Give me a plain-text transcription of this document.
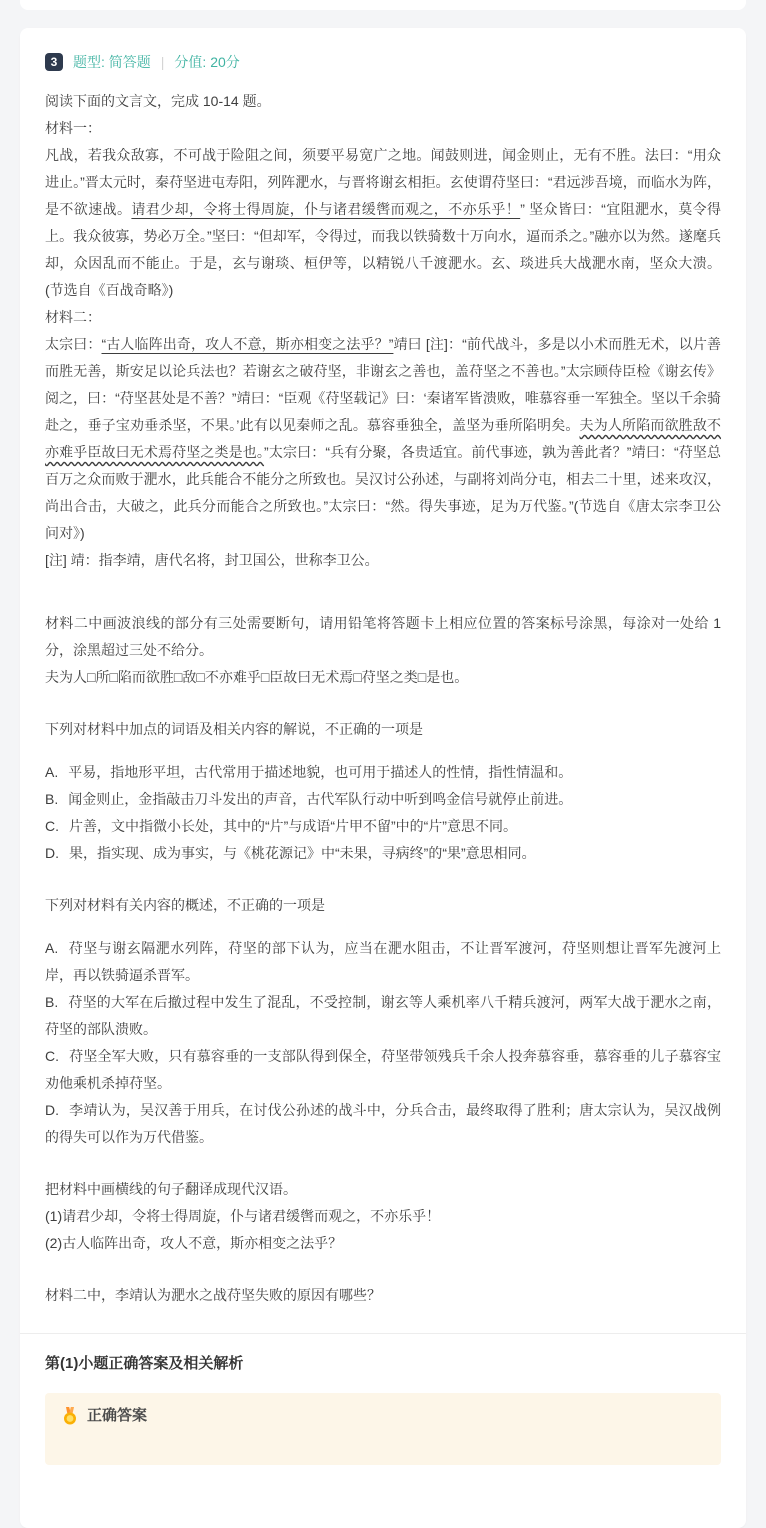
3	题型: 简答题 | 分值: 20分

阅读下面的文言文，完成 10-14 题。

材料一：

凡战，若我众敌寡，不可战于险阻之间，须要平易宽广之地。闻鼓则进，闻金则止，无有不胜。法曰：“用众进止。”晋太元时，秦苻坚进屯寿阳，列阵淝水，与晋将谢玄相拒。玄使谓苻坚曰：“君远涉吾境，而临水为阵，是不欲速战。请君少却，令将士得周旋，仆与诸君缓辔而观之，不亦乐乎！” 坚众皆曰：“宜阻淝水，莫令得上。我众彼寡，势必万全。”坚曰：“但却军，令得过，而我以铁骑数十万向水，逼而杀之。”融亦以为然。遂麾兵却，众因乱而不能止。于是，玄与谢琰、桓伊等，以精锐八千渡淝水。玄、琰进兵大战淝水南，坚众大溃。(节选自《百战奇略》)

材料二：

太宗曰：“古人临阵出奇，攻人不意，斯亦相变之法乎？”靖曰 [注]：“前代战斗，多是以小术而胜无术，以片善而胜无善，斯安足以论兵法也？若谢玄之破苻坚，非谢玄之善也，盖苻坚之不善也。”太宗顾侍臣检《谢玄传》阅之，曰：“苻坚甚处是不善？”靖曰：“臣观《苻坚载记》曰：‘秦诸军皆溃败，唯慕容垂一军独全。坚以千余骑赴之，垂子宝劝垂杀坚，不果。’此有以见秦师之乱。慕容垂独全，盖坚为垂所陷明矣。夫为人所陷而欲胜敌不亦难乎臣故曰无术焉苻坚之类是也。”太宗曰：“兵有分聚，各贵适宜。前代事迹，孰为善此者？”靖曰：“苻坚总百万之众而败于淝水，此兵能合不能分之所致也。吴汉讨公孙述，与副将刘尚分屯，相去二十里，述来攻汉，尚出合击，大破之，此兵分而能合之所致也。”太宗曰：“然。得失事迹，足为万代鉴。”(节选自《唐太宗李卫公问对》)

[注] 靖：指李靖，唐代名将，封卫国公，世称李卫公。

材料二中画波浪线的部分有三处需要断句，请用铅笔将答题卡上相应位置的答案标号涂黑，每涂对一处给 1 分，涂黑超过三处不给分。

夫为人□所□陷而欲胜□敌□不亦难乎□臣故曰无术焉□苻坚之类□是也。

下列对材料中加点的词语及相关内容的解说，不正确的一项是

A. 平易，指地形平坦，古代常用于描述地貌，也可用于描述人的性情，指性情温和。

B. 闻金则止，金指敲击刀斗发出的声音，古代军队行动中听到鸣金信号就停止前进。

C. 片善，文中指微小长处，其中的“片”与成语“片甲不留”中的“片”意思不同。

D. 果，指实现、成为事实，与《桃花源记》中“未果，寻病终”的“果”意思相同。

下列对材料有关内容的概述，不正确的一项是

A. 苻坚与谢玄隔淝水列阵，苻坚的部下认为，应当在淝水阻击，不让晋军渡河，苻坚则想让晋军先渡河上岸，再以铁骑逼杀晋军。

B. 苻坚的大军在后撤过程中发生了混乱，不受控制，谢玄等人乘机率八千精兵渡河，两军大战于淝水之南，苻坚的部队溃败。

C. 苻坚全军大败，只有慕容垂的一支部队得到保全，苻坚带领残兵千余人投奔慕容垂，慕容垂的儿子慕容宝劝他乘机杀掉苻坚。

D. 李靖认为，吴汉善于用兵，在讨伐公孙述的战斗中，分兵合击，最终取得了胜利；唐太宗认为，吴汉战例的得失可以作为万代借鉴。

把材料中画横线的句子翻译成现代汉语。

(1)请君少却，令将士得周旋，仆与诸君缓辔而观之，不亦乐乎！

(2)古人临阵出奇，攻人不意，斯亦相变之法乎？

材料二中，李靖认为淝水之战苻坚失败的原因有哪些？

第(1)小题正确答案及相关解析

正确答案
